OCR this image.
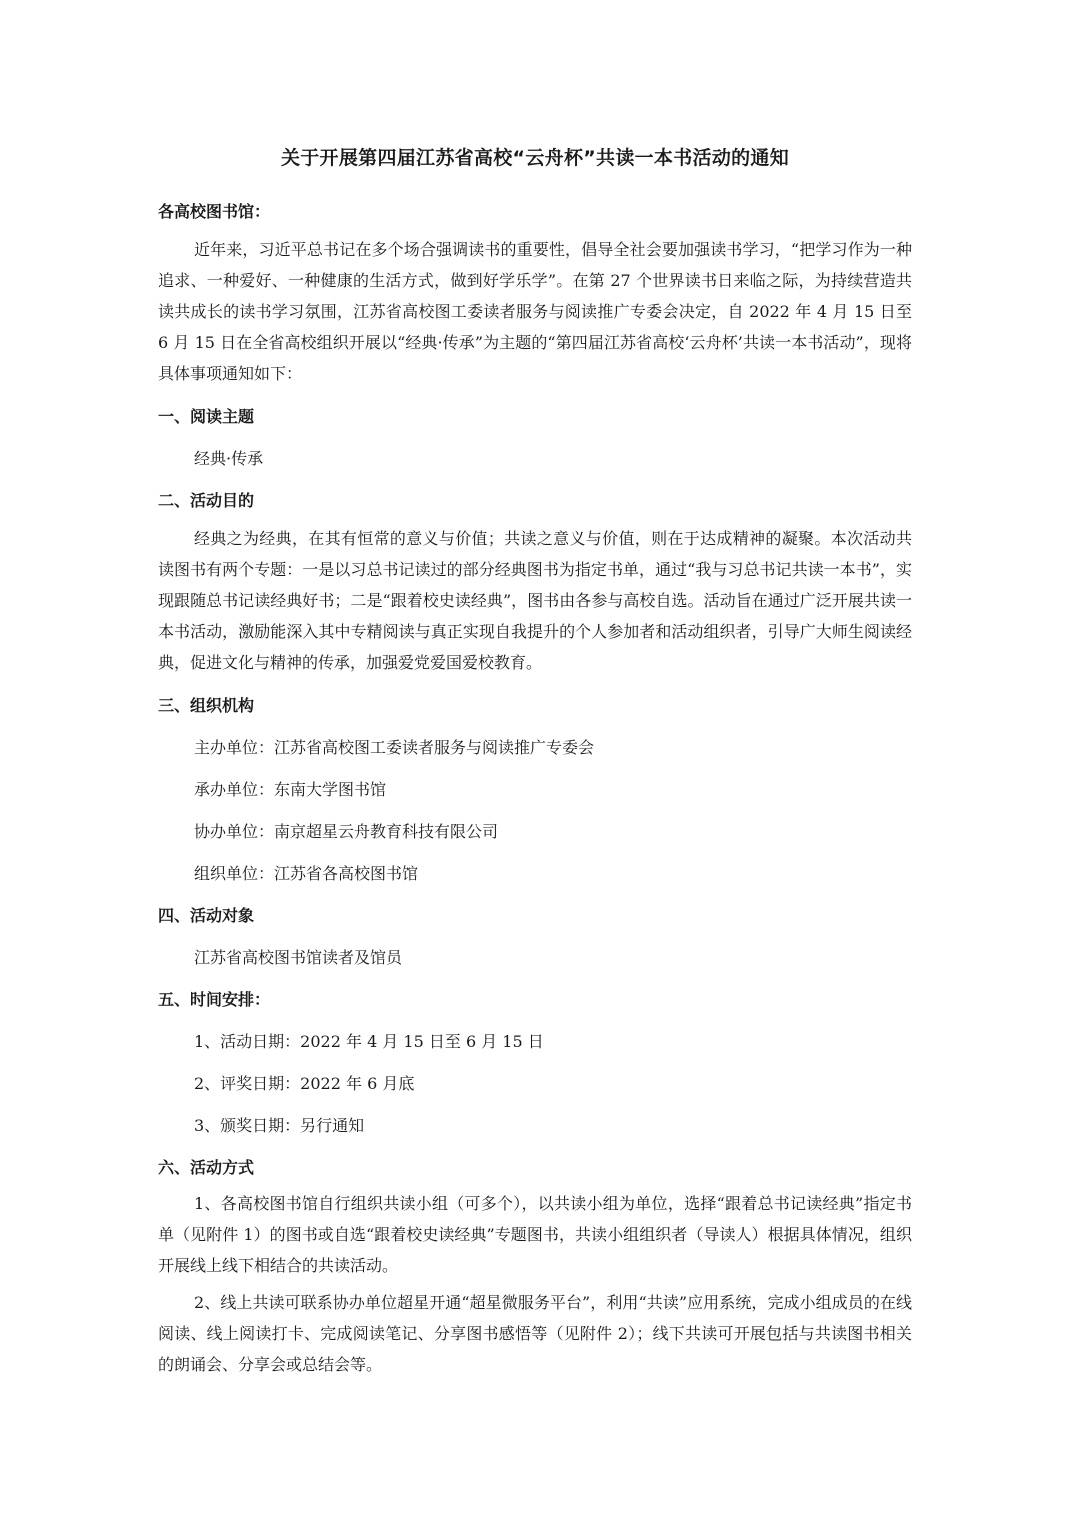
关于开展第四届江苏省高校“云舟杯”共读一本书活动的通知
各高校图书馆：

近年来，习近平总书记在多个场合强调读书的重要性，倡导全社会要加强读书学习，“把学习作为一种追求、一种爱好、一种健康的生活方式，做到好学乐学”。在第 27 个世界读书日来临之际，为持续营造共读共成长的读书学习氛围，江苏省高校图工委读者服务与阅读推广专委会决定，自 2022 年 4 月 15 日至 6 月 15 日在全省高校组织开展以“经典·传承”为主题的“第四届江苏省高校‘云舟杯’共读一本书活动”，现将具体事项通知如下：

一、阅读主题
经典·传承
二、活动目的

经典之为经典，在其有恒常的意义与价值；共读之意义与价值，则在于达成精神的凝聚。本次活动共读图书有两个专题：一是以习总书记读过的部分经典图书为指定书单，通过“我与习总书记共读一本书”，实现跟随总书记读经典好书；二是“跟着校史读经典”，图书由各参与高校自选。活动旨在通过广泛开展共读一本书活动，激励能深入其中专精阅读与真正实现自我提升的个人参加者和活动组织者，引导广大师生阅读经典，促进文化与精神的传承，加强爱党爱国爱校教育。

三、组织机构
主办单位：江苏省高校图工委读者服务与阅读推广专委会
承办单位：东南大学图书馆
协办单位：南京超星云舟教育科技有限公司
组织单位：江苏省各高校图书馆
四、活动对象
江苏省高校图书馆读者及馆员
五、时间安排：
1、活动日期：2022 年 4 月 15 日至 6 月 15 日
2、评奖日期：2022 年 6 月底
3、颁奖日期：另行通知
六、活动方式

1、各高校图书馆自行组织共读小组（可多个），以共读小组为单位，选择“跟着总书记读经典”指定书单（见附件 1）的图书或自选“跟着校史读经典”专题图书，共读小组组织者（导读人）根据具体情况，组织开展线上线下相结合的共读活动。

2、线上共读可联系协办单位超星开通“超星微服务平台”，利用“共读”应用系统，完成小组成员的在线阅读、线上阅读打卡、完成阅读笔记、分享图书感悟等（见附件 2）；线下共读可开展包括与共读图书相关的朗诵会、分享会或总结会等。
